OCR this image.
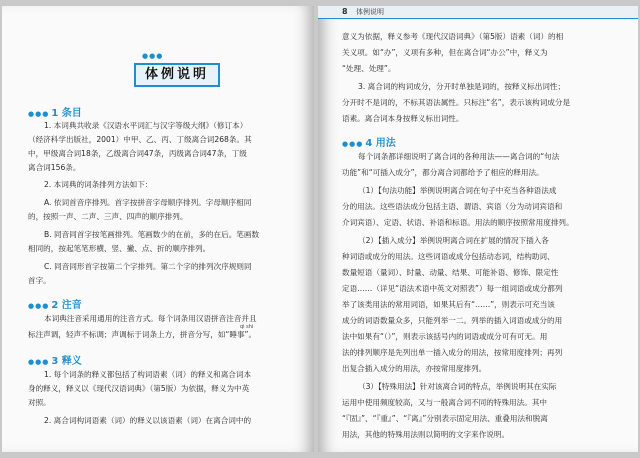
●●●
体例说明
●●● 1 条目
1. 本词典共收录《汉语水平词汇与汉字等级大纲》（修订本）
（经济科学出版社，2001）中甲、乙、丙、丁级离合词268条。其
中，甲级离合词18条，乙级离合词47条，丙级离合词47条，丁级
离合词156条。
2. 本词典的词条排列方法如下：
A. 依词首音序排列。首字按拼音字母顺序排列。字母顺序相同
的，按照一声、二声、三声、四声的顺序排列。
B. 同音同首字按笔画排列。笔画数少的在前，多的在后。笔画数
相同的，按起笔笔形横、竖、撇、点、折的顺序排列。
C. 同音同形首字按第二个字排列。第二个字的排列次序规则同
首字。
●●● 2 注音
本词典注音采用通用的注音方式。每个词条用汉语拼音注音并且
qi shi
标注声调，轻声不标调；声调标于词条上方，拼音分写，如“睡事”。
●●● 3 释义
1. 每个词条的释义都包括了构词语素（词）的释义和离合词本
身的释义，释义以《现代汉语词典》（第5版）为依据，释义为中英
对照。
2. 离合词构词语素（词）的释义以该语素（词）在离合词中的
8 体例说明
意义为依据，释义参考《现代汉语词典》（第5版）语素（词）的相
关义项。如“办”，义项有多种，但在离合词“办公”中，释义为
“处理、处理”。
3. 离合词的构词成分，分开时单独是词的，按释义标出词性；
分开时不是词的，不标其语法属性。只标注“名”，表示该构词成分是
语素。离合词本身按释义标出词性。
●●● 4 用法
每个词条都详细说明了离合词的各种用法——离合词的“句法
功能”和“可插入成分”，都分离合词都给予了相应的释用法。
（1）【句法功能】举例说明离合词在句子中充当各种语法成
分的用法。这些语法成分包括主语、谓语、宾语（分为动词宾语和
介词宾语）、定语、状语、补语和标语。用法的顺序按照常用度排列。
（2）【插入成分】举例说明离合词在扩展的情况下插入各
种词语或成分的用法。这些词语或成分包括动态词，结构助词、
数量短语（量词）、时量、动量、结果、可能补语、修饰、限定性
定语……（详见“语法术语中英文对照表”）每一组词语或成分都列
举了该类用法的常用词语，如果其后有“……”，则表示可充当该
成分的词语数量众多，只能列举一二。列举的插入词语或成分的用
法中如果有“（）”，则表示该括号内的词语或成分可有可无。用
法的排列顺序是先列出单一插入成分的用法，按常用度排列；再列
出复合插入成分的用法，亦按常用度排列。
（3）【特殊用法】针对该离合词的特点，举例说明其在实际
运用中使用频度较高，又与一般离合词不同的特殊用法。其中
“『固』”、“『重』”、“『离』”分别表示固定用法、重叠用法和脱离
用法，其他的特殊用法则以简明的文字来作说明。
